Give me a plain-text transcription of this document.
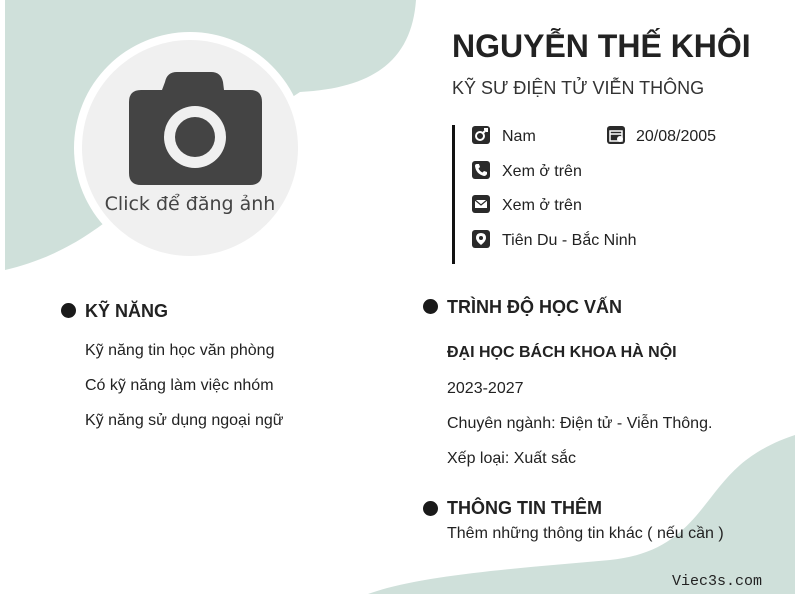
Click để đăng ảnh
NGUYỄN THẾ KHÔI
KỸ SƯ ĐIỆN TỬ VIỄN THÔNG
Nam	20/08/2005
Xem ở trên
Xem ở trên
Tiên Du - Bắc Ninh
KỸ NĂNG
Kỹ năng tin học văn phòng
Có kỹ năng làm việc nhóm
Kỹ năng sử dụng ngoại ngữ
TRÌNH ĐỘ HỌC VẤN
ĐẠI HỌC BÁCH KHOA HÀ NỘI
2023-2027
Chuyên ngành: Điện tử - Viễn Thông.
Xếp loại: Xuất sắc
THÔNG TIN THÊM
Thêm những thông tin khác ( nếu cần )
Viec3s.com
